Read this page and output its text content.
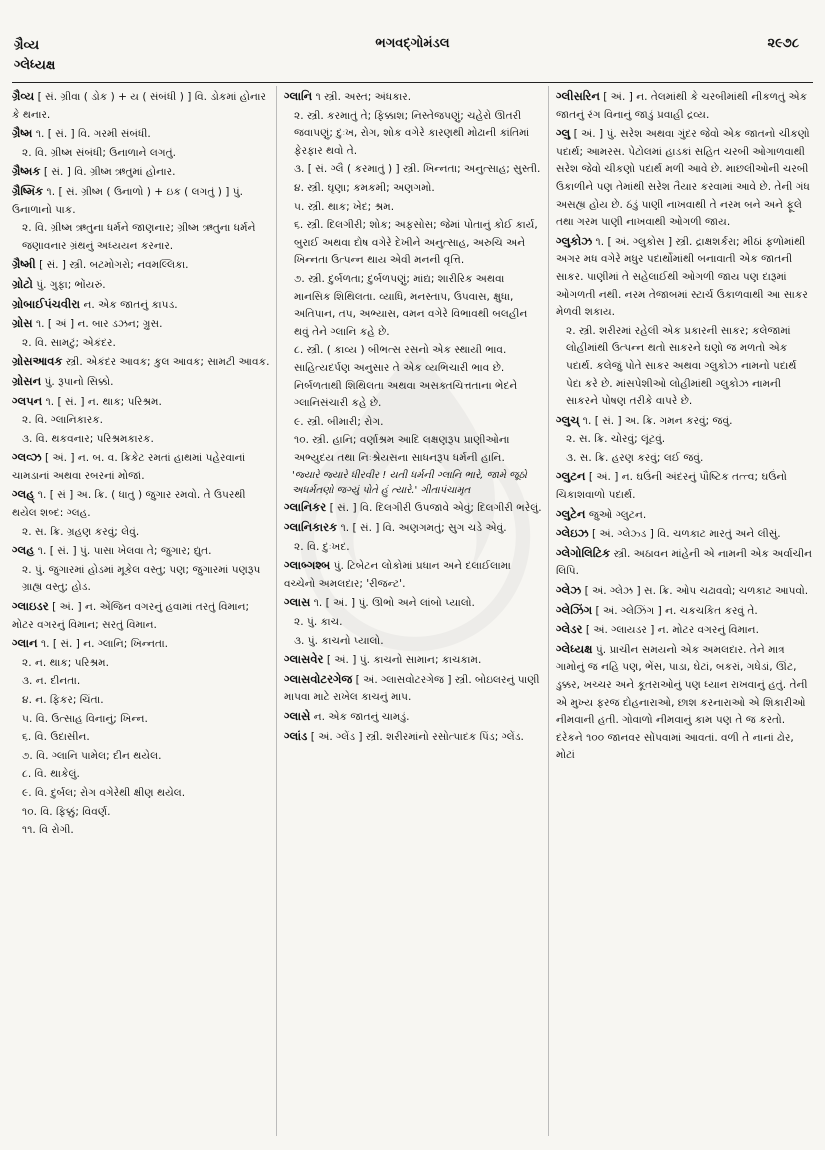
ગ્રૈવ્ય
ગ્લેધ્યક્ષ
ભગવદ્ગોમંડલ	૨૯૭૮
ગ્રૈવ્ય [ સં. ગ્રીવા ( ડોક ) + ય ( સંબંધી ) ] વિ. ડોકમાં હોનાર કે થનાર.
ગ્રૈષ્મ ૧. [ સં. ] વિ. ગરમી સંબંધી.
૨. વિ. ગ્રીષ્મ સંબંધી; ઉનાળાને લગતું.
ગ્રૈષ્મક [ સં. ] વિ. ગ્રીષ્મ ઋતુમાં હોનાર.
ગ્રૈષ્મિક ૧. [ સં. ગ્રીષ્મ ( ઉનાળો ) + ઇક ( લગતું ) ] પું. ઉનાળાનો પાક.
૨. વિ. ગ્રીષ્મ ઋતુના ધર્મને જાણનાર; ગ્રીષ્મ ઋતુના ધર્મને જણાવનાર ગ્રંથનું અધ્યયન કરનાર.
ગ્રૈષ્મી [ સં. ] સ્ત્રી. બટમોગરો; નવમલ્લિકા.
ગ્રોટો પું. ગુફા; ભોંયરું.
ગ્રોબાઈપંચવીરા ન. એક જાતનું કાપડ.
ગ્રોસ ૧. [ અં ] ન. બાર ડઝન; ગ્રુસ.
૨. વિ. સામટું; એકંદર.
ગ્રોસઆવક સ્ત્રી. એકંદર આવક; કુલ આવક; સામટી આવક.
ગ્રોસન પું. રૂપાનો સિક્કો.
ગ્લપન ૧. [ સં. ] ન. થાક; પરિશ્રમ.
૨. વિ. ગ્લાનિકારક.
૩. વિ. થકવનાર; પરિશ્રમકારક.
ગ્લવ્ઝ [ અં. ] ન. બ. વ. ક્રિકેટ રમતાં હાથમાં પહેરવાનાં ચામડાનાં અથવા રબરનાં મોજાં.
ગ્લહ્ ૧. [ સં ] અ. ક્રિ. ( ધાતુ ) જુગાર રમવો. તે ઉપરથી થયેલ શબ્દ: ગ્લહ.
૨. સ. ક્રિ. ગ્રહણ કરવું; લેવું.
ગ્લહ ૧. [ સં. ] પું. પાસા ખેલવા તે; જુગાર; દ્યુત.
૨. પું. જુગારમાં હોડમાં મૂકેલ વસ્તુ; પણ; જુગારમાં પણરૂપ ગ્રાહ્ય વસ્તુ; હોડ.
ગ્લાઇડર [ અં. ] ન. એંજિન વગરનું હવામાં તરતું વિમાન; મોટર વગરનું વિમાન; સરતું વિમાન.
ગ્લાન ૧. [ સં. ] ન. ગ્લાનિ; ખિન્નતા.
૨. ન. થાક; પરિશ્રમ.
૩. ન. દીનતા.
૪. ન. ફિકર; ચિંતા.
૫. વિ. ઉત્સાહ વિનાનું; ખિન્ન.
૬. વિ. ઉદાસીન.
૭. વિ. ગ્લાનિ પામેલ; દીન થયેલ.
૮. વિ. થાકેલું.
૯. વિ. દુર્બલ; રોગ વગેરેથી ક્ષીણ થયેલ.
૧૦. વિ. ફિક્કું; વિવર્ણ.
૧૧. વિ રોગી.
ગ્લાનિ ૧ સ્ત્રી. અસ્ત; અંધકાર.
૨. સ્ત્રી. કરમાતું તે; ફિક્કાશ; નિસ્તેજપણું; ચહેરો ઊતરી જવાપણું; દુઃખ, રોગ, શોક વગેરે કારણથી મોઢાની કાંતિમાં ફેરફાર થવો તે.
૩. [ સં. ગ્લૈ ( કરમાતું ) ] સ્ત્રી. ખિન્નતા; અનુત્સાહ; સુસ્તી.
૪. સ્ત્રી. ઘૃણા; કમકમી; અણગમો.
૫. સ્ત્રી. થાક; ખેદ; શ્રમ.
૬. સ્ત્રી. દિલગીરી; શોક; અફસોસ; જેમાં પોતાનું કોઈ કાર્ય, બુરાઈ અથવા દોષ વગેરે દેખીને અનુત્સાહ, અરુચિ અને ખિન્નતા ઉત્પન્ન થાય એવી મનની વૃત્તિ.
૭. સ્ત્રી. દુર્બળતા; દુર્બળપણું; માંદ્ય; શારીરિક અથવા માનસિક શિથિલતા. વ્યાધિ, મનસ્તાપ, ઉપવાસ, ક્ષુધા, અતિપાન, તપ, અભ્યાસ, વમન વગેરે વિભાવથી બલહીન થવું તેને ગ્લાનિ કહે છે.
૮. સ્ત્રી. ( કાવ્ય ) બીભત્સ રસનો એક સ્થાયી ભાવ. સાહિત્યદર્પણ અનુસાર તે એક વ્યભિચારી ભાવ છે. નિર્બળતાથી શિથિલતા અથવા અસક્તચિત્તતાના ભેદને ગ્લાનિસંચારી કહે છે.
૯. સ્ત્રી. બીમારી; રોગ.
૧૦. સ્ત્રી. હાનિ; વર્ણાશ્રમ આદિ લક્ષણરૂપ પ્રાણીઓના અભ્યુદય તથા નિઃશ્રેયસના સાધનરૂપ ધર્મની હાનિ.
'જ્યારે જ્યારે ધીરવીર ! યતી ધર્મની ગ્લાનિ ભારે, જામે જૂઠો અધર્મતણો જગ્યું પોતે હું ત્યારે.' ગીતાપંચામૃત
ગ્લાનિકર [ સં. ] વિ. દિલગીરી ઉપજાવે એવું; દિલગીરી ભરેલું.
ગ્લાનિકારક ૧. [ સં. ] વિ. અણગમતું; સુગ ચડે એવું.
૨. વિ. દુઃખદ.
ગ્લાબ્ગશ્બ પું. ટિબેટન લોકોમાં પ્રધાન અને દલાઈલામા વચ્ચેનો અમલદાર; 'રીજન્ટ'.
ગ્લાસ ૧. [ અં. ] પું. ઊભો અને લાંબો પ્યાલો.
૨. પું. કાચ.
૩. પું. કાચનો પ્યાલો.
ગ્લાસવેર [ અં. ] પું. કાચનો સામાન; કાચકામ.
ગ્લાસવોટરગેજ [ અં. ગ્લાસવોટરગેજ ] સ્ત્રી. બોઇલરનું પાણી માપવા માટે રાખેલ કાચનું માપ.
ગ્લાસે ન. એક જાતનું ચામડું.
ગ્લાંડ [ અં. ગ્લેંડ ] સ્ત્રી. શરીરમાંનો રસોત્પાદક પિંડ; ગ્લેંડ.
ગ્લીસરિન [ અં. ] ન. તેલમાંથી કે ચરબીમાંથી નીકળતું એક જાતનું રંગ વિનાનું જાડું પ્રવાહી દ્રવ્ય.
ગ્લુ [ અં. ] પું. સરેશ અથવા ગુંદર જેવો એક જાતનો ચીકણો પદાર્થ; આમરસ. પેટોલમાં હાડકાં સહિત ચરબી ઓગાળવાથી સરેશ જેવો ચીકણો પદાર્થ મળી આવે છે. માછલીઓની ચરબી ઉકાળીને પણ તેમાંથી સરેશ તૈયાર કરવામાં આવે છે. તેની ગંધ અસહ્ય હોય છે. ઠંડું પાણી નાખવાથી તે નરમ બને અને ફૂલે તથા ગરમ પાણી નાખવાથી ઓગળી જાય.
ગ્લુકોઝ ૧. [ અં. ગ્લુકોસ ] સ્ત્રી. દ્રાક્ષશર્કરા; મીઠાં ફળોમાંથી અગર મધ વગેરે મધુર પદાર્થોમાંથી બનાવાતી એક જાતની સાકર. પાણીમાં તે સહેલાઈથી ઓગળી જાય પણ દારૂમાં ઓગળતી નથી. નરમ તેજાબમાં સ્ટાર્ચ ઉકાળવાથી આ સાકર મેળવી શકાય.
૨. સ્ત્રી. શરીરમાં રહેલી એક પ્રકારની સાકર; કલેજામાં લોહીમાંથી ઉત્પન્ન થતો સાકરને ઘણો જ મળતો એક પદાર્થ. કલેજું પોતે સાકર અથવા ગ્લુકોઝ નામનો પદાર્થ પેદા કરે છે. માંસપેશીઓ લોહીમાંથી ગ્લુકોઝ નામની સાકરને પોષણ તરીકે વાપરે છે.
ગ્લુચ્ ૧. [ સં. ] અ. ક્રિ. ગમન કરવું; જવું.
૨. સ. ક્રિ. ચોરવું; લૂંટવું.
૩. સ. ક્રિ. હરણ કરવું; લઈ જવું.
ગ્લુટન [ અં. ] ન. ઘઉંની અંદરનું પૌષ્ટિક તત્ત્વ; ઘઉંનો ચિકાશવાળો પદાર્થ.
ગ્લુટેન જુઓ ગ્લુટન.
ગ્લેઇઝ [ અં. ગ્લેઝ્ડ ] વિ. ચળકાટ મારતું અને લીસું.
ગ્લેગોલિટિક સ્ત્રી. અઠાવન માંહેની એ નામની એક અર્વાચીન લિપિ.
ગ્લેઝ [ અં. ગ્લેઝ ] સ. ક્રિ. ઓપ ચઢાવવો; ચળકાટ આપવો.
ગ્લેઝિંગ [ અં. ગ્લેઝિંગ ] ન. ચકચકિત કરવું તે.
ગ્લેડર [ અં. ગ્લાયડર ] ન. મોટર વગરનું વિમાન.
ગ્લેધ્યક્ષ પું. પ્રાચીન સમયનો એક અમલદાર. તેને માત્ર ગામોનું જ નહિ પણ, ભેંસ, પાડા, ઘેટાં, બકરાં, ગધેડાં, ઊંટ, ડુક્કર, ખચ્ચર અને કૂતરાઓનું પણ ધ્યાન રાખવાનું હતું. તેની એ મુખ્ય ફરજ દોહનારાઓ, છાશ કરનારાઓ એ શિકારીઓ નીમવાની હતી. ગોવાળો નીમવાનું કામ પણ તે જ કરતો. દરેકને ૧૦૦ જાનવર સોંપવામાં આવતાં. વળી તે નાનાં ઢોર, મોટાં
